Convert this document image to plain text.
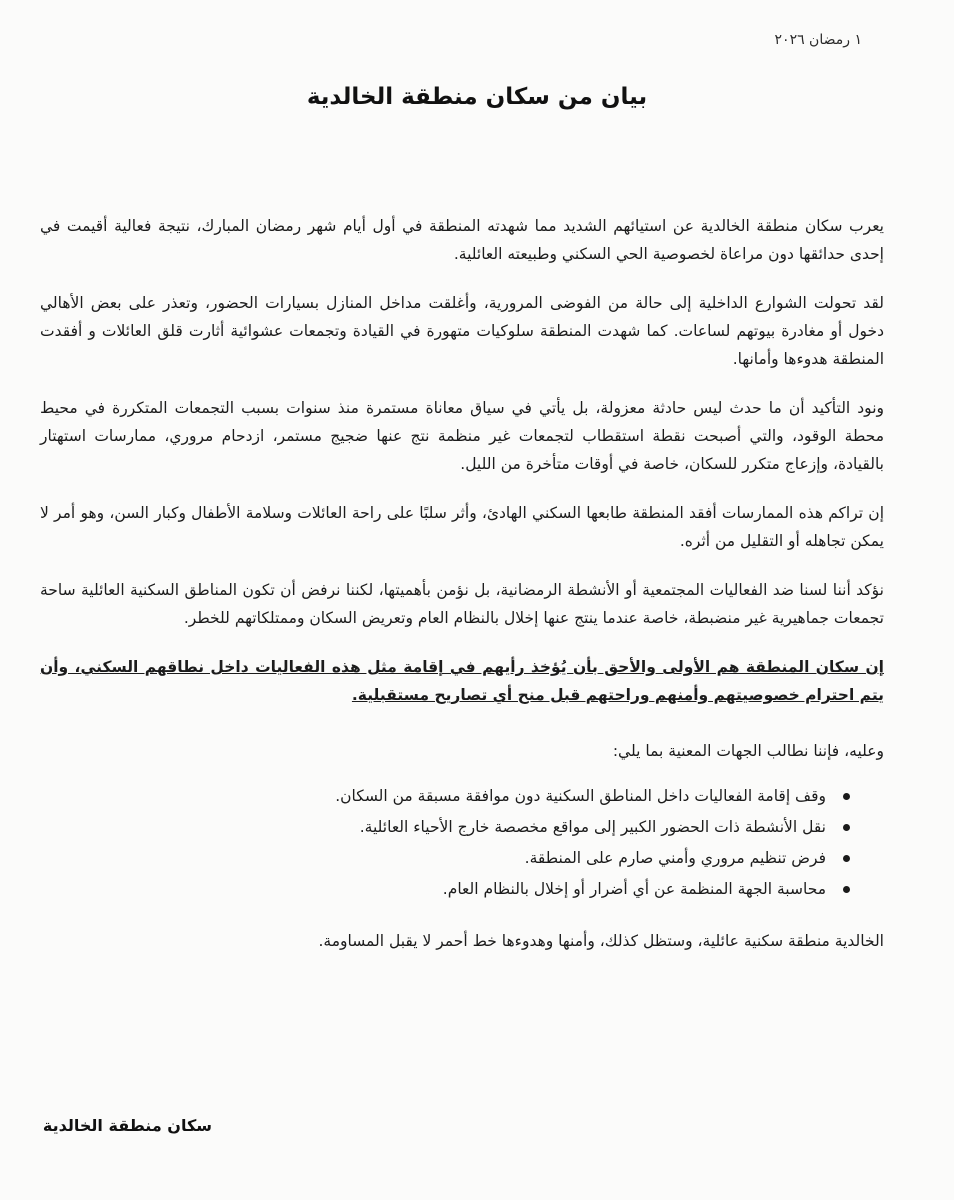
١ رمضان ٢٠٢٦
بيان من سكان منطقة الخالدية

يعرب سكان منطقة الخالدية عن استيائهم الشديد مما شهدته المنطقة في أول أيام شهر رمضان المبارك، نتيجة فعالية أقيمت في إحدى حدائقها دون مراعاة لخصوصية الحي السكني وطبيعته العائلية.

لقد تحولت الشوارع الداخلية إلى حالة من الفوضى المرورية، وأغلقت مداخل المنازل بسيارات الحضور، وتعذر على بعض الأهالي دخول أو مغادرة بيوتهم لساعات. كما شهدت المنطقة سلوكيات متهورة في القيادة وتجمعات عشوائية أثارت قلق العائلات و أفقدت المنطقة هدوءها وأمانها.

ونود التأكيد أن ما حدث ليس حادثة معزولة، بل يأتي في سياق معاناة مستمرة منذ سنوات بسبب التجمعات المتكررة في محيط محطة الوقود، والتي أصبحت نقطة استقطاب لتجمعات غير منظمة نتج عنها ضجيج مستمر، ازدحام مروري، ممارسات استهتار بالقيادة، وإزعاج متكرر للسكان، خاصة في أوقات متأخرة من الليل.

إن تراكم هذه الممارسات أفقد المنطقة طابعها السكني الهادئ، وأثر سلبًا على راحة العائلات وسلامة الأطفال وكبار السن، وهو أمر لا يمكن تجاهله أو التقليل من أثره.

نؤكد أننا لسنا ضد الفعاليات المجتمعية أو الأنشطة الرمضانية، بل نؤمن بأهميتها، لكننا نرفض أن تكون المناطق السكنية العائلية ساحة تجمعات جماهيرية غير منضبطة، خاصة عندما ينتج عنها إخلال بالنظام العام وتعريض السكان وممتلكاتهم للخطر.

إن سكان المنطقة هم الأولى والأحق بأن يُؤخذ رأيهم في إقامة مثل هذه الفعاليات داخل نطاقهم السكني، وأن يتم احترام خصوصيتهم وأمنهم وراحتهم قبل منح أي تصاريح مستقبلية.

وعليه، فإننا نطالب الجهات المعنية بما يلي:

وقف إقامة الفعاليات داخل المناطق السكنية دون موافقة مسبقة من السكان.
نقل الأنشطة ذات الحضور الكبير إلى مواقع مخصصة خارج الأحياء العائلية.
فرض تنظيم مروري وأمني صارم على المنطقة.
محاسبة الجهة المنظمة عن أي أضرار أو إخلال بالنظام العام.

الخالدية منطقة سكنية عائلية، وستظل كذلك، وأمنها وهدوءها خط أحمر لا يقبل المساومة.

سكان منطقة الخالدية
